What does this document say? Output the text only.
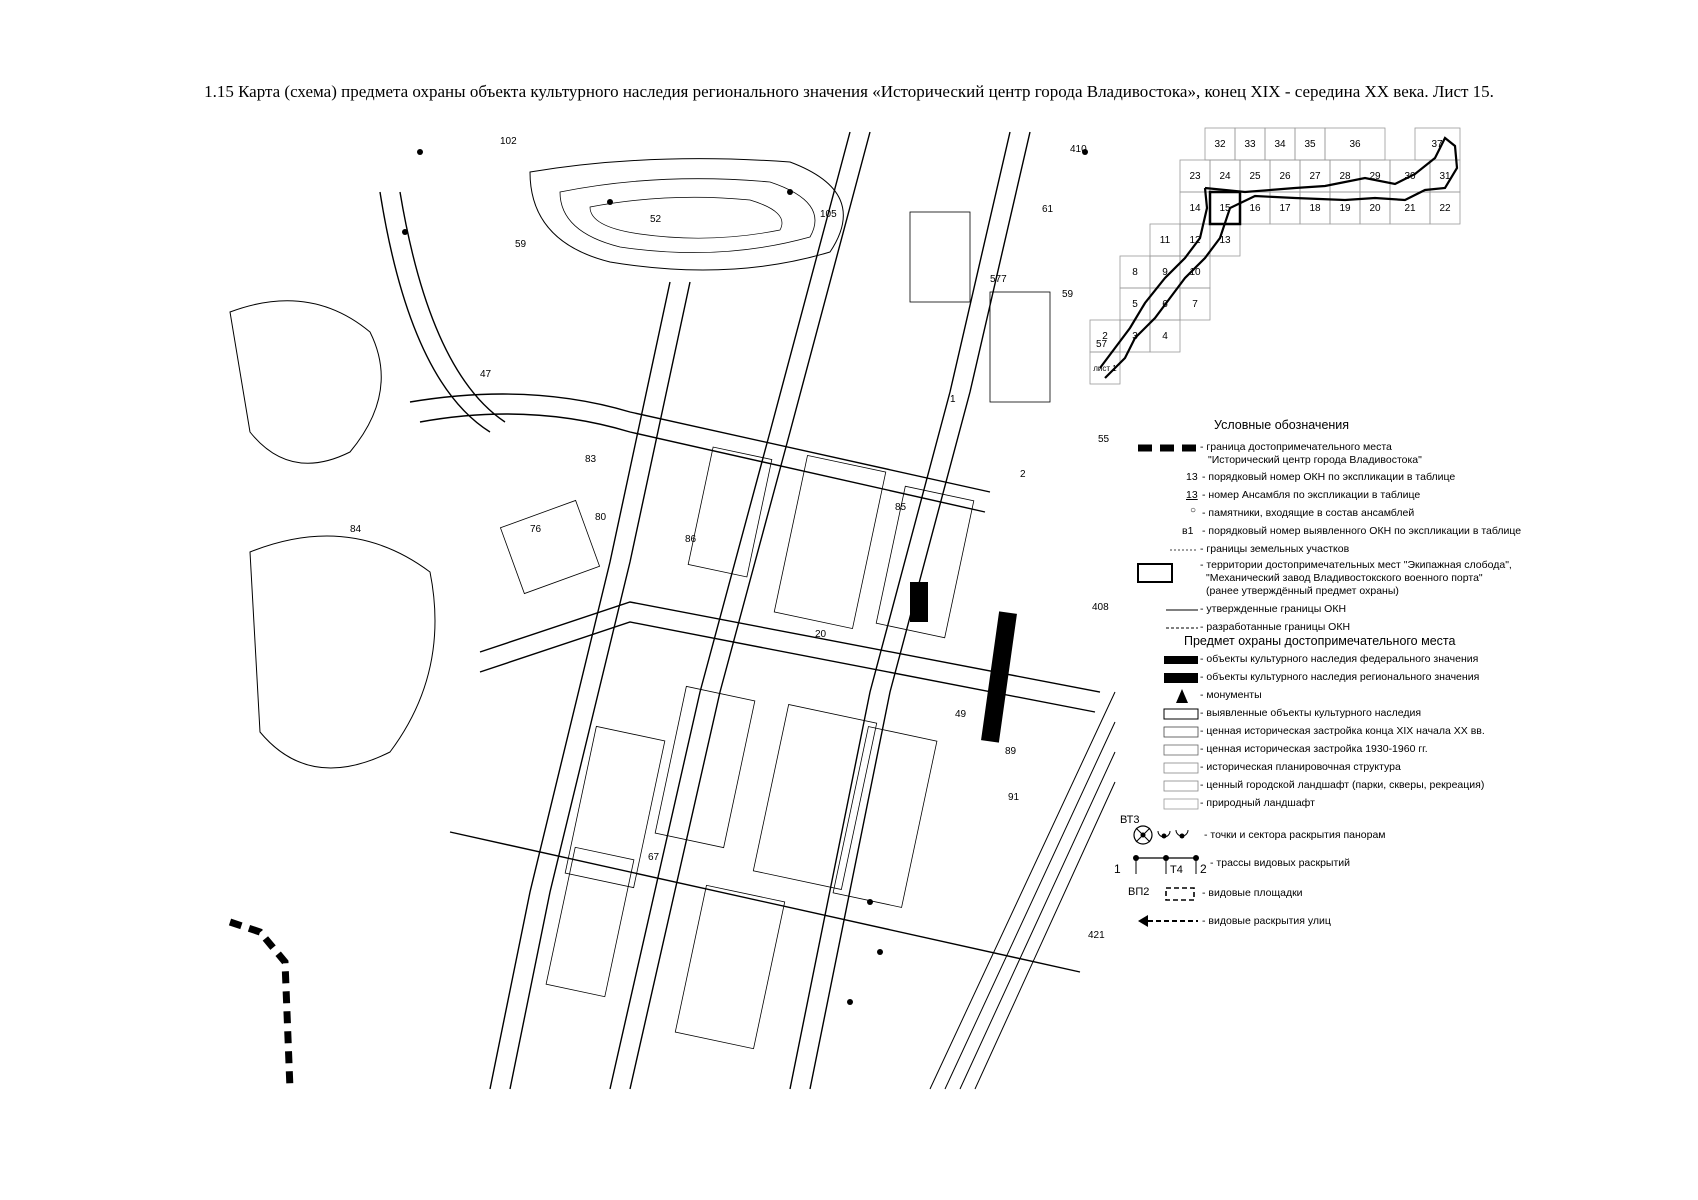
1.15 Карта (схема) предмета охраны объекта культурного наследия регионального значения «Исторический центр города Владивостока», конец XIX - середина XX века. Лист 15.
102
410
61
57
59
577
105
1
2
55
85
80
83
84	76
86
20
49
89
91
67
421
408
59
52
47
32 33 34 35	36	37
23 24 25 26 27 28 29 30 31
14 15 16 17 18 19 20 21 22
11 12 13
8 9 10
5 6 7
2 3 4
лист 1
Условные обозначения
- граница достопримечательного места
"Исторический центр города Владивостока"
13 - порядковый номер ОКН по экспликации в таблице
13 - номер Ансамбля по экспликации в таблице
○ - памятники, входящие в состав ансамблей
в1 - порядковый номер выявленного ОКН по экспликации в таблице
- границы земельных участков
- территории достопримечательных мест "Экипажная слобода",
"Механический завод Владивостокского военного порта"
(ранее утверждённый предмет охраны)
- утвержденные границы ОКН
- разработанные границы ОКН
Предмет охраны достопримечательного места
- объекты культурного наследия федерального значения
- объекты культурного наследия регионального значения
- монументы
- выявленные объекты культурного наследия
- ценная историческая застройка конца XIX начала XX вв.
- ценная историческая застройка 1930-1960 гг.
- историческая планировочная структура
- ценный городской ландшафт (парки, скверы, рекреация)
- природный ландшафт
ВТ3
- точки и сектора раскрытия панорам
1	Т4 2 - трассы видовых раскрытий
ВП2	- видовые площадки
- видовые раскрытия улиц
